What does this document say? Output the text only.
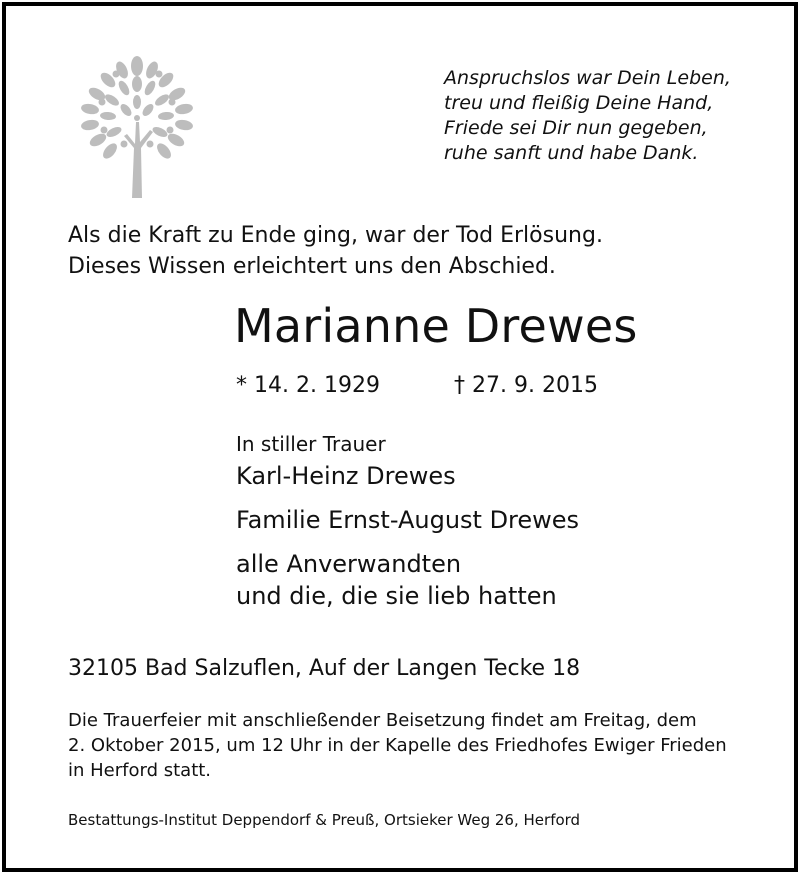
Anspruchslos war Dein Leben,
treu und fleißig Deine Hand,
Friede sei Dir nun gegeben,
ruhe sanft und habe Dank.
Als die Kraft zu Ende ging, war der Tod Erlösung.
Dieses Wissen erleichtert uns den Abschied.
Marianne Drewes
* 14. 2. 1929	† 27. 9. 2015
In stiller Trauer
Karl-Heinz Drewes
Familie Ernst-August Drewes
alle Anverwandten
und die, die sie lieb hatten
32105 Bad Salzuflen, Auf der Langen Tecke 18
Die Trauerfeier mit anschließender Beisetzung findet am Freitag, dem
2. Oktober 2015, um 12 Uhr in der Kapelle des Friedhofes Ewiger Frieden
in Herford statt.
Bestattungs-Institut Deppendorf & Preuß, Ortsieker Weg 26, Herford
